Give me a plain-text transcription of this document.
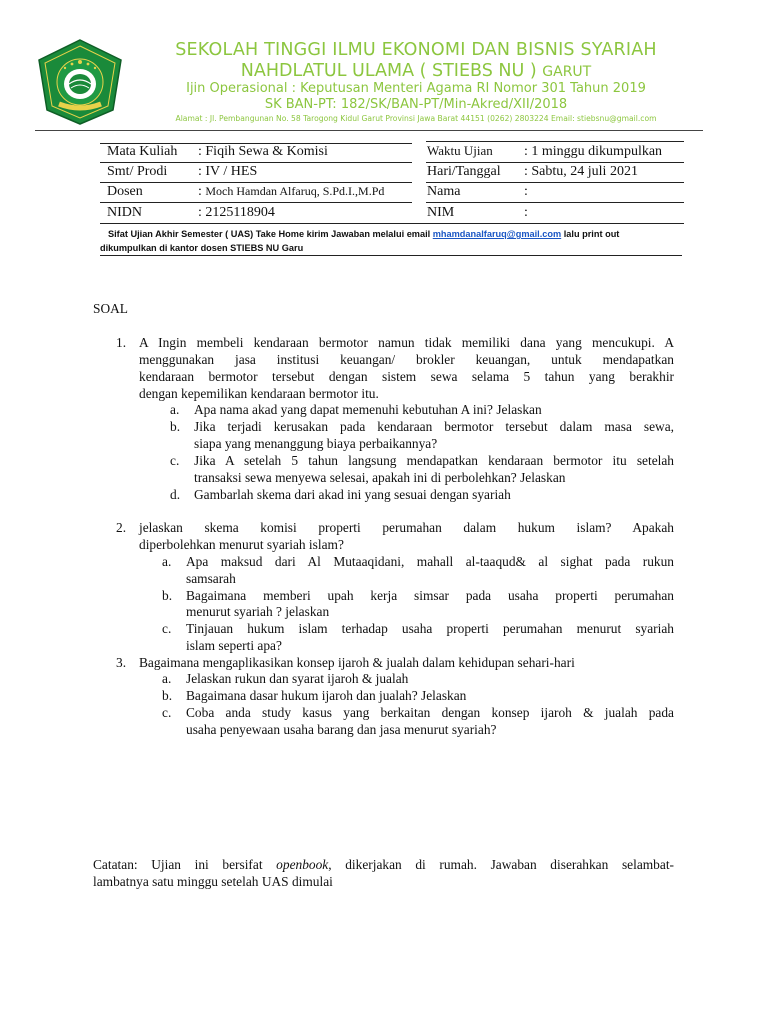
SEKOLAH TINGGI ILMU EKONOMI DAN BISNIS SYARIAH
NAHDLATUL ULAMA ( STIEBS NU ) GARUT
Ijin Operasional : Keputusan Menteri Agama RI Nomor 301 Tahun 2019
SK BAN-PT: 182/SK/BAN-PT/Min-Akred/XII/2018
Alamat : Jl. Pembangunan No. 58 Tarogong Kidul Garut Provinsi Jawa Barat 44151 (0262) 2803224 Email: stiebsnu@gmail.com
Mata Kuliah : Fiqih Sewa & Komisi	Waktu Ujian : 1 minggu dikumpulkan
Smt/ Prodi : IV / HES	Hari/Tanggal : Sabtu, 24 juli 2021
Dosen	: Moch Hamdan Alfaruq, S.Pd.I.,M.Pd	Nama	:
NIDN	: 2125118904	NIM	:
Sifat Ujian Akhir Semester ( UAS) Take Home kirim Jawaban melalui email mhamdanalfaruq@gmail.com lalu print out
dikumpulkan di kantor dosen STIEBS NU Garu
SOAL
1. A Ingin membeli kendaraan bermotor namun tidak memiliki dana yang mencukupi. A
menggunakan jasa institusi keuangan/ brokler keuangan, untuk mendapatkan
kendaraan bermotor tersebut dengan sistem sewa selama 5 tahun yang berakhir
dengan kepemilikan kendaraan bermotor itu.
a. Apa nama akad yang dapat memenuhi kebutuhan A ini? Jelaskan
b. Jika terjadi kerusakan pada kendaraan bermotor tersebut dalam masa sewa,
siapa yang menanggung biaya perbaikannya?
c. Jika A setelah 5 tahun langsung mendapatkan kendaraan bermotor itu setelah
transaksi sewa menyewa selesai, apakah ini di perbolehkan? Jelaskan
d. Gambarlah skema dari akad ini yang sesuai dengan syariah
2. jelaskan skema komisi properti perumahan dalam hukum islam? Apakah
diperbolehkan menurut syariah islam?
a. Apa maksud dari Al Mutaaqidani, mahall al-taaqud& al sighat pada rukun
samsarah
b. Bagaimana memberi upah kerja simsar pada usaha properti perumahan
menurut syariah ? jelaskan
c. Tinjauan hukum islam terhadap usaha properti perumahan menurut syariah
islam seperti apa?
3. Bagaimana mengaplikasikan konsep ijaroh & jualah dalam kehidupan sehari-hari
a. Jelaskan rukun dan syarat ijaroh & jualah
b. Bagaimana dasar hukum ijaroh dan jualah? Jelaskan
c. Coba anda study kasus yang berkaitan dengan konsep ijaroh & jualah pada
usaha penyewaan usaha barang dan jasa menurut syariah?
Catatan: Ujian ini bersifat openbook, dikerjakan di rumah. Jawaban diserahkan selambat-
lambatnya satu minggu setelah UAS dimulai
